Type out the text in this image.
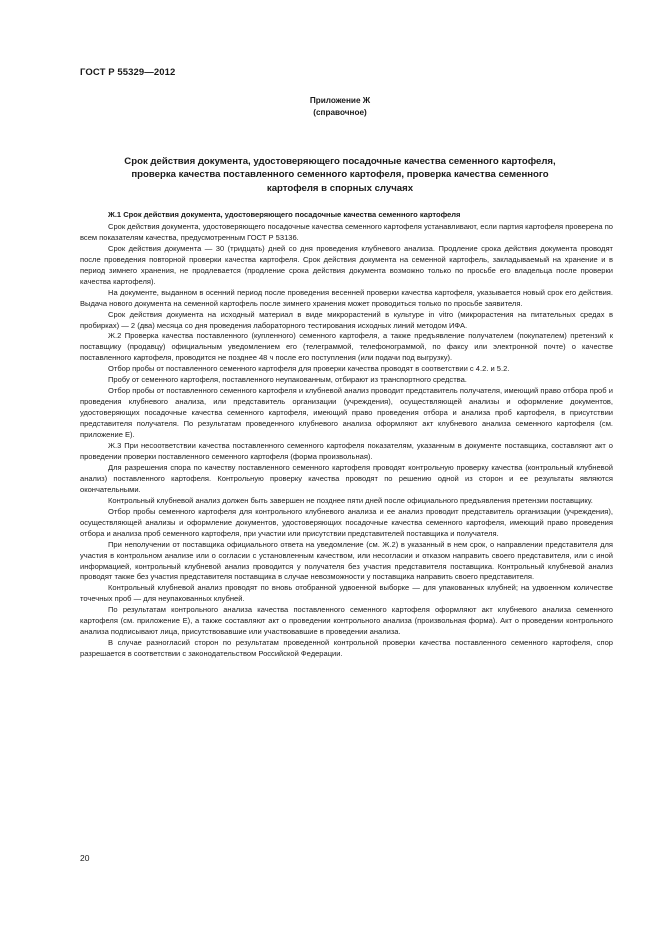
ГОСТ Р 55329—2012
Приложение Ж
(справочное)
Срок действия документа, удостоверяющего посадочные качества семенного картофеля,
проверка качества поставленного семенного картофеля, проверка качества семенного
картофеля в спорных случаях

Ж.1 Срок действия документа, удостоверяющего посадочные качества семенного картофеля

Срок действия документа, удостоверяющего посадочные качества семенного картофеля устанавливают, если партия картофеля проверена по всем показателям качества, предусмотренным ГОСТ Р 53136.

Срок действия документа — 30 (тридцать) дней со дня проведения клубневого анализа. Продление срока действия документа проводят после проведения повторной проверки качества картофеля. Срок действия документа на семенной картофель, закладываемый на хранение и в период зимнего хранения, не продлевается (продление срока действия документа возможно только по просьбе его владельца после проверки качества картофеля).

На документе, выданном в осенний период после проведения весенней проверки качества картофеля, указывается новый срок его действия. Выдача нового документа на семенной картофель после зимнего хранения может проводиться только по просьбе заявителя.

Срок действия документа на исходный материал в виде микрорастений в культуре in vitro (микрорастения на питательных средах в пробирках) — 2 (два) месяца со дня проведения лабораторного тестирования исходных линий методом ИФА.

Ж.2 Проверка качества поставленного (купленного) семенного картофеля, а также предъявление получателем (покупателем) претензий к поставщику (продавцу) официальным уведомлением его (телеграммой, телефонограммой, по факсу или электронной почте) о качестве поставленного картофеля, проводится не позднее 48 ч после его поступления (или подачи под выгрузку).

Отбор пробы от поставленного семенного картофеля для проверки качества проводят в соответствии с 4.2. и 5.2.

Пробу от семенного картофеля, поставленного неупакованным, отбирают из транспортного средства.

Отбор пробы от поставленного семенного картофеля и клубневой анализ проводит представитель получателя, имеющий право отбора проб и проведения клубневого анализа, или представитель организации (учреждения), осуществляющей анализы и оформление документов, удостоверяющих посадочные качества семенного картофеля, имеющий право проведения отбора и анализа проб картофеля, в присутствии представителя получателя. По результатам проведенного клубневого анализа оформляют акт клубневого анализа семенного картофеля (см. приложение Е).

Ж.3 При несоответствии качества поставленного семенного картофеля показателям, указанным в документе поставщика, составляют акт о проведении проверки поставленного семенного картофеля (форма произвольная).

Для разрешения спора по качеству поставленного семенного картофеля проводят контрольную проверку качества (контрольный клубневой анализ) поставленного картофеля. Контрольную проверку качества проводят по решению одной из сторон и ее результаты являются окончательными.

Контрольный клубневой анализ должен быть завершен не позднее пяти дней после официального предъявления претензии поставщику.

Отбор пробы семенного картофеля для контрольного клубневого анализа и ее анализ проводит представитель организации (учреждения), осуществляющей анализы и оформление документов, удостоверяющих посадочные качества семенного картофеля, имеющий право проведения отбора и анализа проб семенного картофеля, при участии или присутствии представителей поставщика и получателя.

При неполучении от поставщика официального ответа на уведомление (см. Ж.2) в указанный в нем срок, о направлении представителя для участия в контрольном анализе или о согласии с установленным качеством, или несогласии и отказом направить своего представителя, или с иной информацией, контрольный клубневой анализ проводится у получателя без участия представителя поставщика. Контрольный клубневой анализ проводят также без участия представителя поставщика в случае невозможности у поставщика направить своего представителя.

Контрольный клубневой анализ проводят по вновь отобранной удвоенной выборке — для упакованных клубней; на удвоенном количестве точечных проб — для неупакованных клубней.

По результатам контрольного анализа качества поставленного семенного картофеля оформляют акт клубневого анализа семенного картофеля (см. приложение Е), а также составляют акт о проведении контрольного анализа (произвольная форма). Акт о проведении контрольного анализа подписывают лица, присутствовавшие или участвовавшие в проведении анализа.

В случае разногласий сторон по результатам проведенной контрольной проверки качества поставленного семенного картофеля, спор разрешается в соответствии с законодательством Российской Федерации.

20
